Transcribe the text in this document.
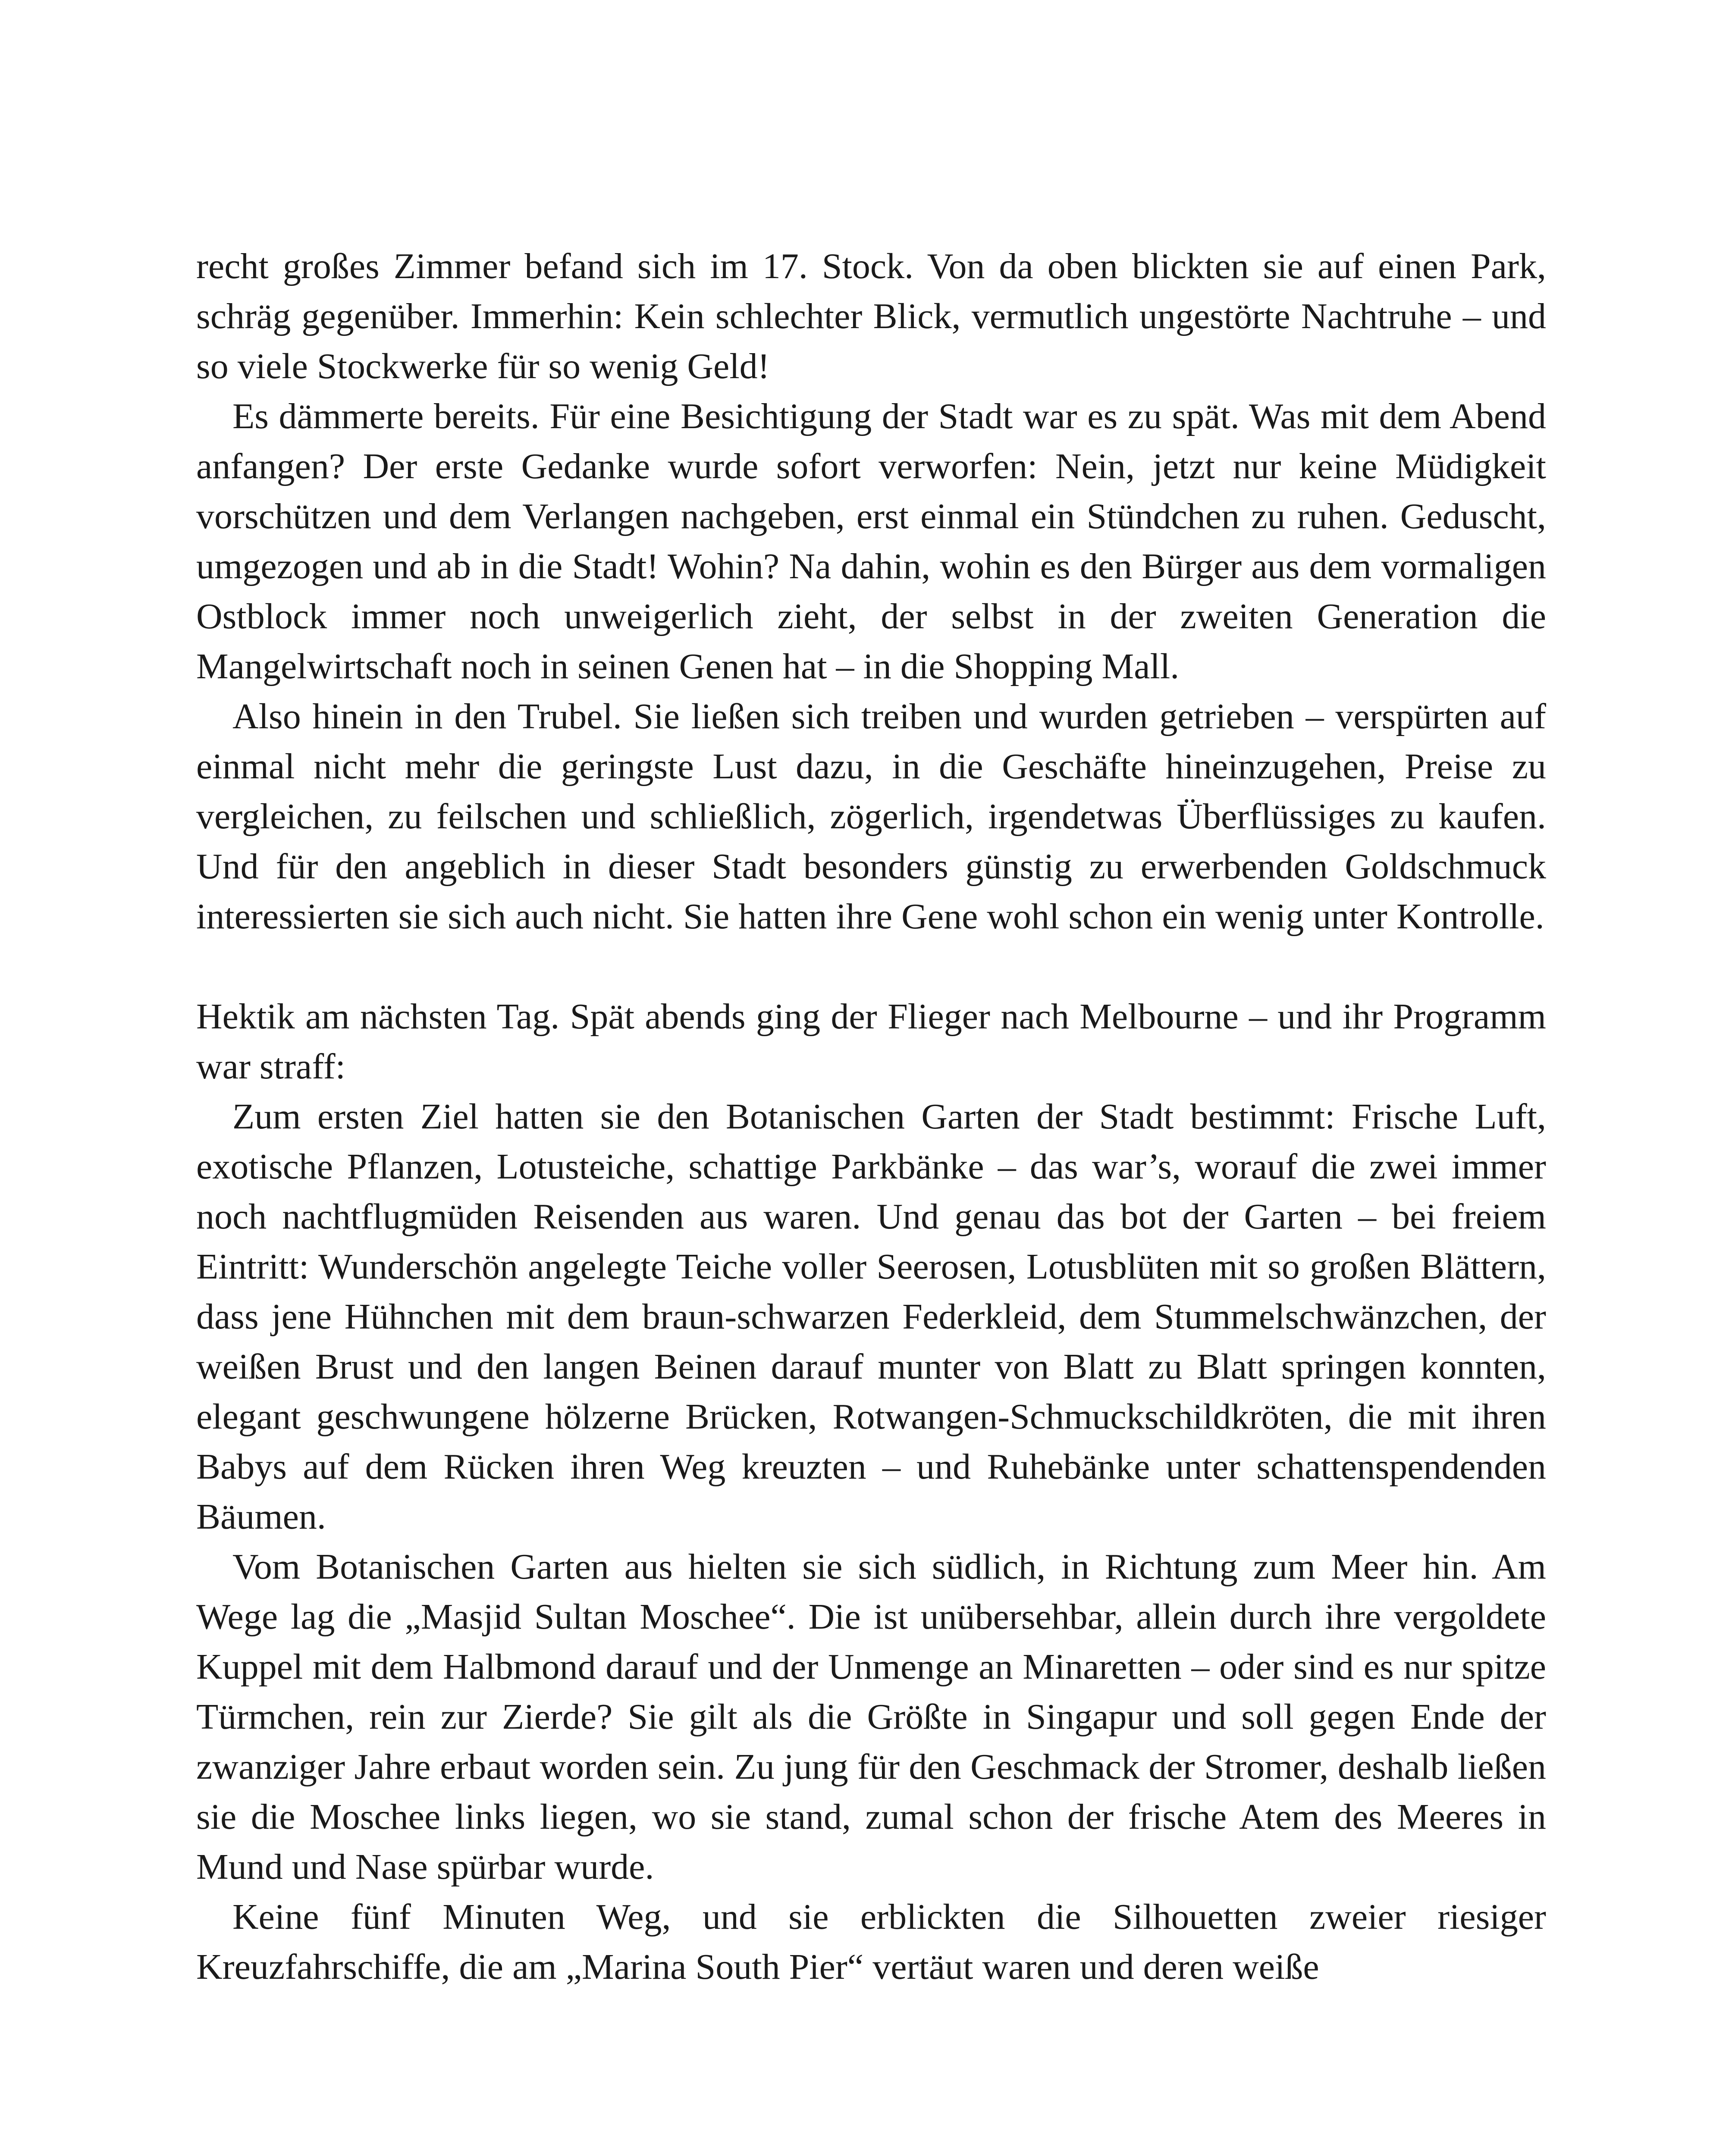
recht großes Zimmer befand sich im 17. Stock. Von da oben blickten sie auf einen Park, schräg gegenüber. Immerhin: Kein schlechter Blick, vermutlich ungestörte Nachtruhe – und so viele Stockwerke für so wenig Geld!

Es dämmerte bereits. Für eine Besichtigung der Stadt war es zu spät. Was mit dem Abend anfangen? Der erste Gedanke wurde sofort verworfen: Nein, jetzt nur keine Müdigkeit vorschützen und dem Verlangen nachgeben, erst einmal ein Stündchen zu ruhen. Geduscht, umgezogen und ab in die Stadt! Wohin? Na dahin, wohin es den Bürger aus dem vormaligen Ostblock immer noch unweigerlich zieht, der selbst in der zweiten Generation die Mangelwirtschaft noch in seinen Genen hat – in die Shopping Mall.

Also hinein in den Trubel. Sie ließen sich treiben und wurden getrieben – verspürten auf einmal nicht mehr die geringste Lust dazu, in die Geschäfte hineinzugehen, Preise zu vergleichen, zu feilschen und schließlich, zögerlich, irgendetwas Überflüssiges zu kaufen. Und für den angeblich in dieser Stadt besonders günstig zu erwerbenden Goldschmuck interessierten sie sich auch nicht. Sie hatten ihre Gene wohl schon ein wenig unter Kontrolle.

Hektik am nächsten Tag. Spät abends ging der Flieger nach Melbourne – und ihr Programm war straff:

Zum ersten Ziel hatten sie den Botanischen Garten der Stadt bestimmt: Frische Luft, exotische Pflanzen, Lotusteiche, schattige Parkbänke – das war’s, worauf die zwei immer noch nachtflugmüden Reisenden aus waren. Und genau das bot der Garten – bei freiem Eintritt: Wunderschön angelegte Teiche voller Seerosen, Lotusblüten mit so großen Blättern, dass jene Hühnchen mit dem braun-schwarzen Federkleid, dem Stummelschwänzchen, der weißen Brust und den langen Beinen darauf munter von Blatt zu Blatt springen konnten, elegant geschwungene hölzerne Brücken, Rotwangen-Schmuckschildkröten, die mit ihren Babys auf dem Rücken ihren Weg kreuzten – und Ruhebänke unter schattenspendenden Bäumen.

Vom Botanischen Garten aus hielten sie sich südlich, in Richtung zum Meer hin. Am Wege lag die „Masjid Sultan Moschee“. Die ist unübersehbar, allein durch ihre vergoldete Kuppel mit dem Halbmond darauf und der Unmenge an Minaretten – oder sind es nur spitze Türmchen, rein zur Zierde? Sie gilt als die Größte in Singapur und soll gegen Ende der zwanziger Jahre erbaut worden sein. Zu jung für den Geschmack der Stromer, deshalb ließen sie die Moschee links liegen, wo sie stand, zumal schon der frische Atem des Meeres in Mund und Nase spürbar wurde.

Keine fünf Minuten Weg, und sie erblickten die Silhouetten zweier riesiger Kreuzfahrschiffe, die am „Marina South Pier“ vertäut waren und deren weiße
